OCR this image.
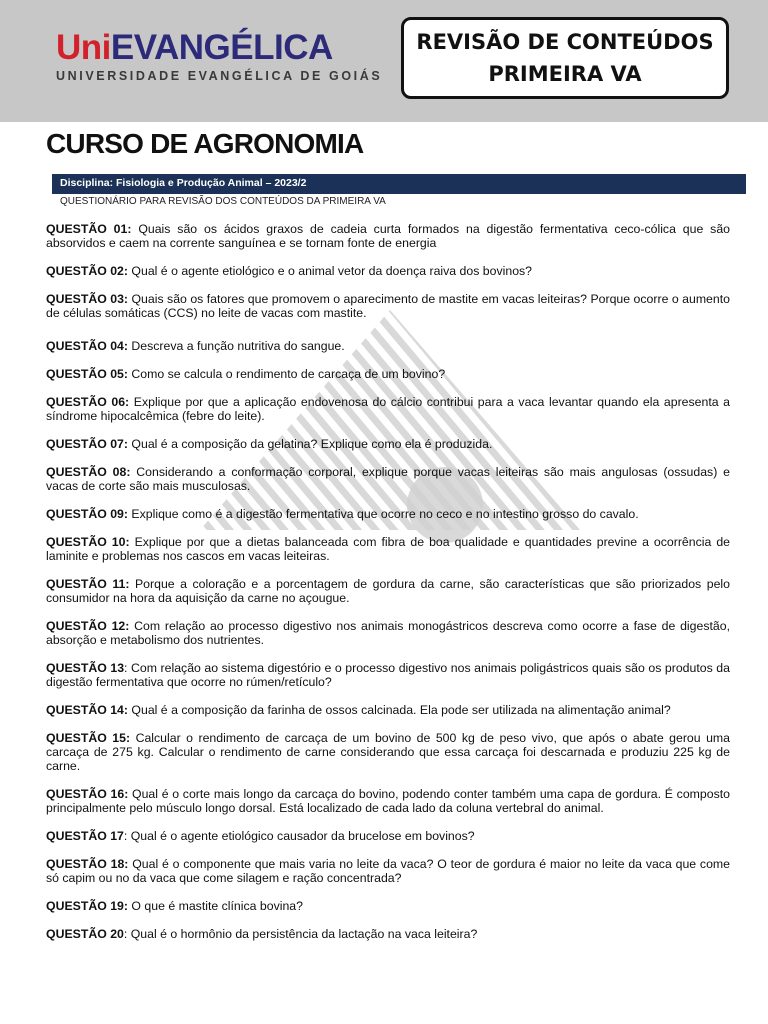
UniEVANGÉLICA
UNIVERSIDADE EVANGÉLICA DE GOIÁS
REVISÃO DE CONTEÚDOS
PRIMEIRA VA
CURSO DE AGRONOMIA
Disciplina: Fisiologia e Produção Animal – 2023/2
QUESTIONÁRIO PARA REVISÃO DOS CONTEÚDOS DA PRIMEIRA VA
QUESTÃO 01: Quais são os ácidos graxos de cadeia curta formados na digestão fermentativa ceco-cólica que são absorvidos e caem na corrente sanguínea e se tornam fonte de energia
QUESTÃO 02: Qual é o agente etiológico e o animal vetor da doença raiva dos bovinos?
QUESTÃO 03: Quais são os fatores que promovem o aparecimento de mastite em vacas leiteiras? Porque ocorre o aumento de células somáticas (CCS) no leite de vacas com mastite.
QUESTÃO 04: Descreva a função nutritiva do sangue.
QUESTÃO 05: Como se calcula o rendimento de carcaça de um bovino?
QUESTÃO 06: Explique por que a aplicação endovenosa do cálcio contribui para a vaca levantar quando ela apresenta a síndrome hipocalcêmica (febre do leite).
QUESTÃO 07: Qual é a composição da gelatina? Explique como ela é produzida.
QUESTÃO 08: Considerando a conformação corporal, explique porque vacas leiteiras são mais angulosas (ossudas) e vacas de corte são mais musculosas.
QUESTÃO 09: Explique como é a digestão fermentativa que ocorre no ceco e no intestino grosso do cavalo.
QUESTÃO 10: Explique por que a dietas balanceada com fibra de boa qualidade e quantidades previne a ocorrência de laminite e problemas nos cascos em vacas leiteiras.
QUESTÃO 11: Porque a coloração e a porcentagem de gordura da carne, são características que são priorizados pelo consumidor na hora da aquisição da carne no açougue.
QUESTÃO 12: Com relação ao processo digestivo nos animais monogástricos descreva como ocorre a fase de digestão, absorção e metabolismo dos nutrientes.
QUESTÃO 13: Com relação ao sistema digestório e o processo digestivo nos animais poligástricos quais são os produtos da digestão fermentativa que ocorre no rúmen/retículo?
QUESTÃO 14: Qual é a composição da farinha de ossos calcinada. Ela pode ser utilizada na alimentação animal?
QUESTÃO 15: Calcular o rendimento de carcaça de um bovino de 500 kg de peso vivo, que após o abate gerou uma carcaça de 275 kg. Calcular o rendimento de carne considerando que essa carcaça foi descarnada e produziu 225 kg de carne.
QUESTÃO 16: Qual é o corte mais longo da carcaça do bovino, podendo conter também uma capa de gordura. É composto principalmente pelo músculo longo dorsal. Está localizado de cada lado da coluna vertebral do animal.
QUESTÃO 17: Qual é o agente etiológico causador da brucelose em bovinos?
QUESTÃO 18: Qual é o componente que mais varia no leite da vaca? O teor de gordura é maior no leite da vaca que come só capim ou no da vaca que come silagem e ração concentrada?
QUESTÃO 19: O que é mastite clínica bovina?
QUESTÃO 20: Qual é o hormônio da persistência da lactação na vaca leiteira?
